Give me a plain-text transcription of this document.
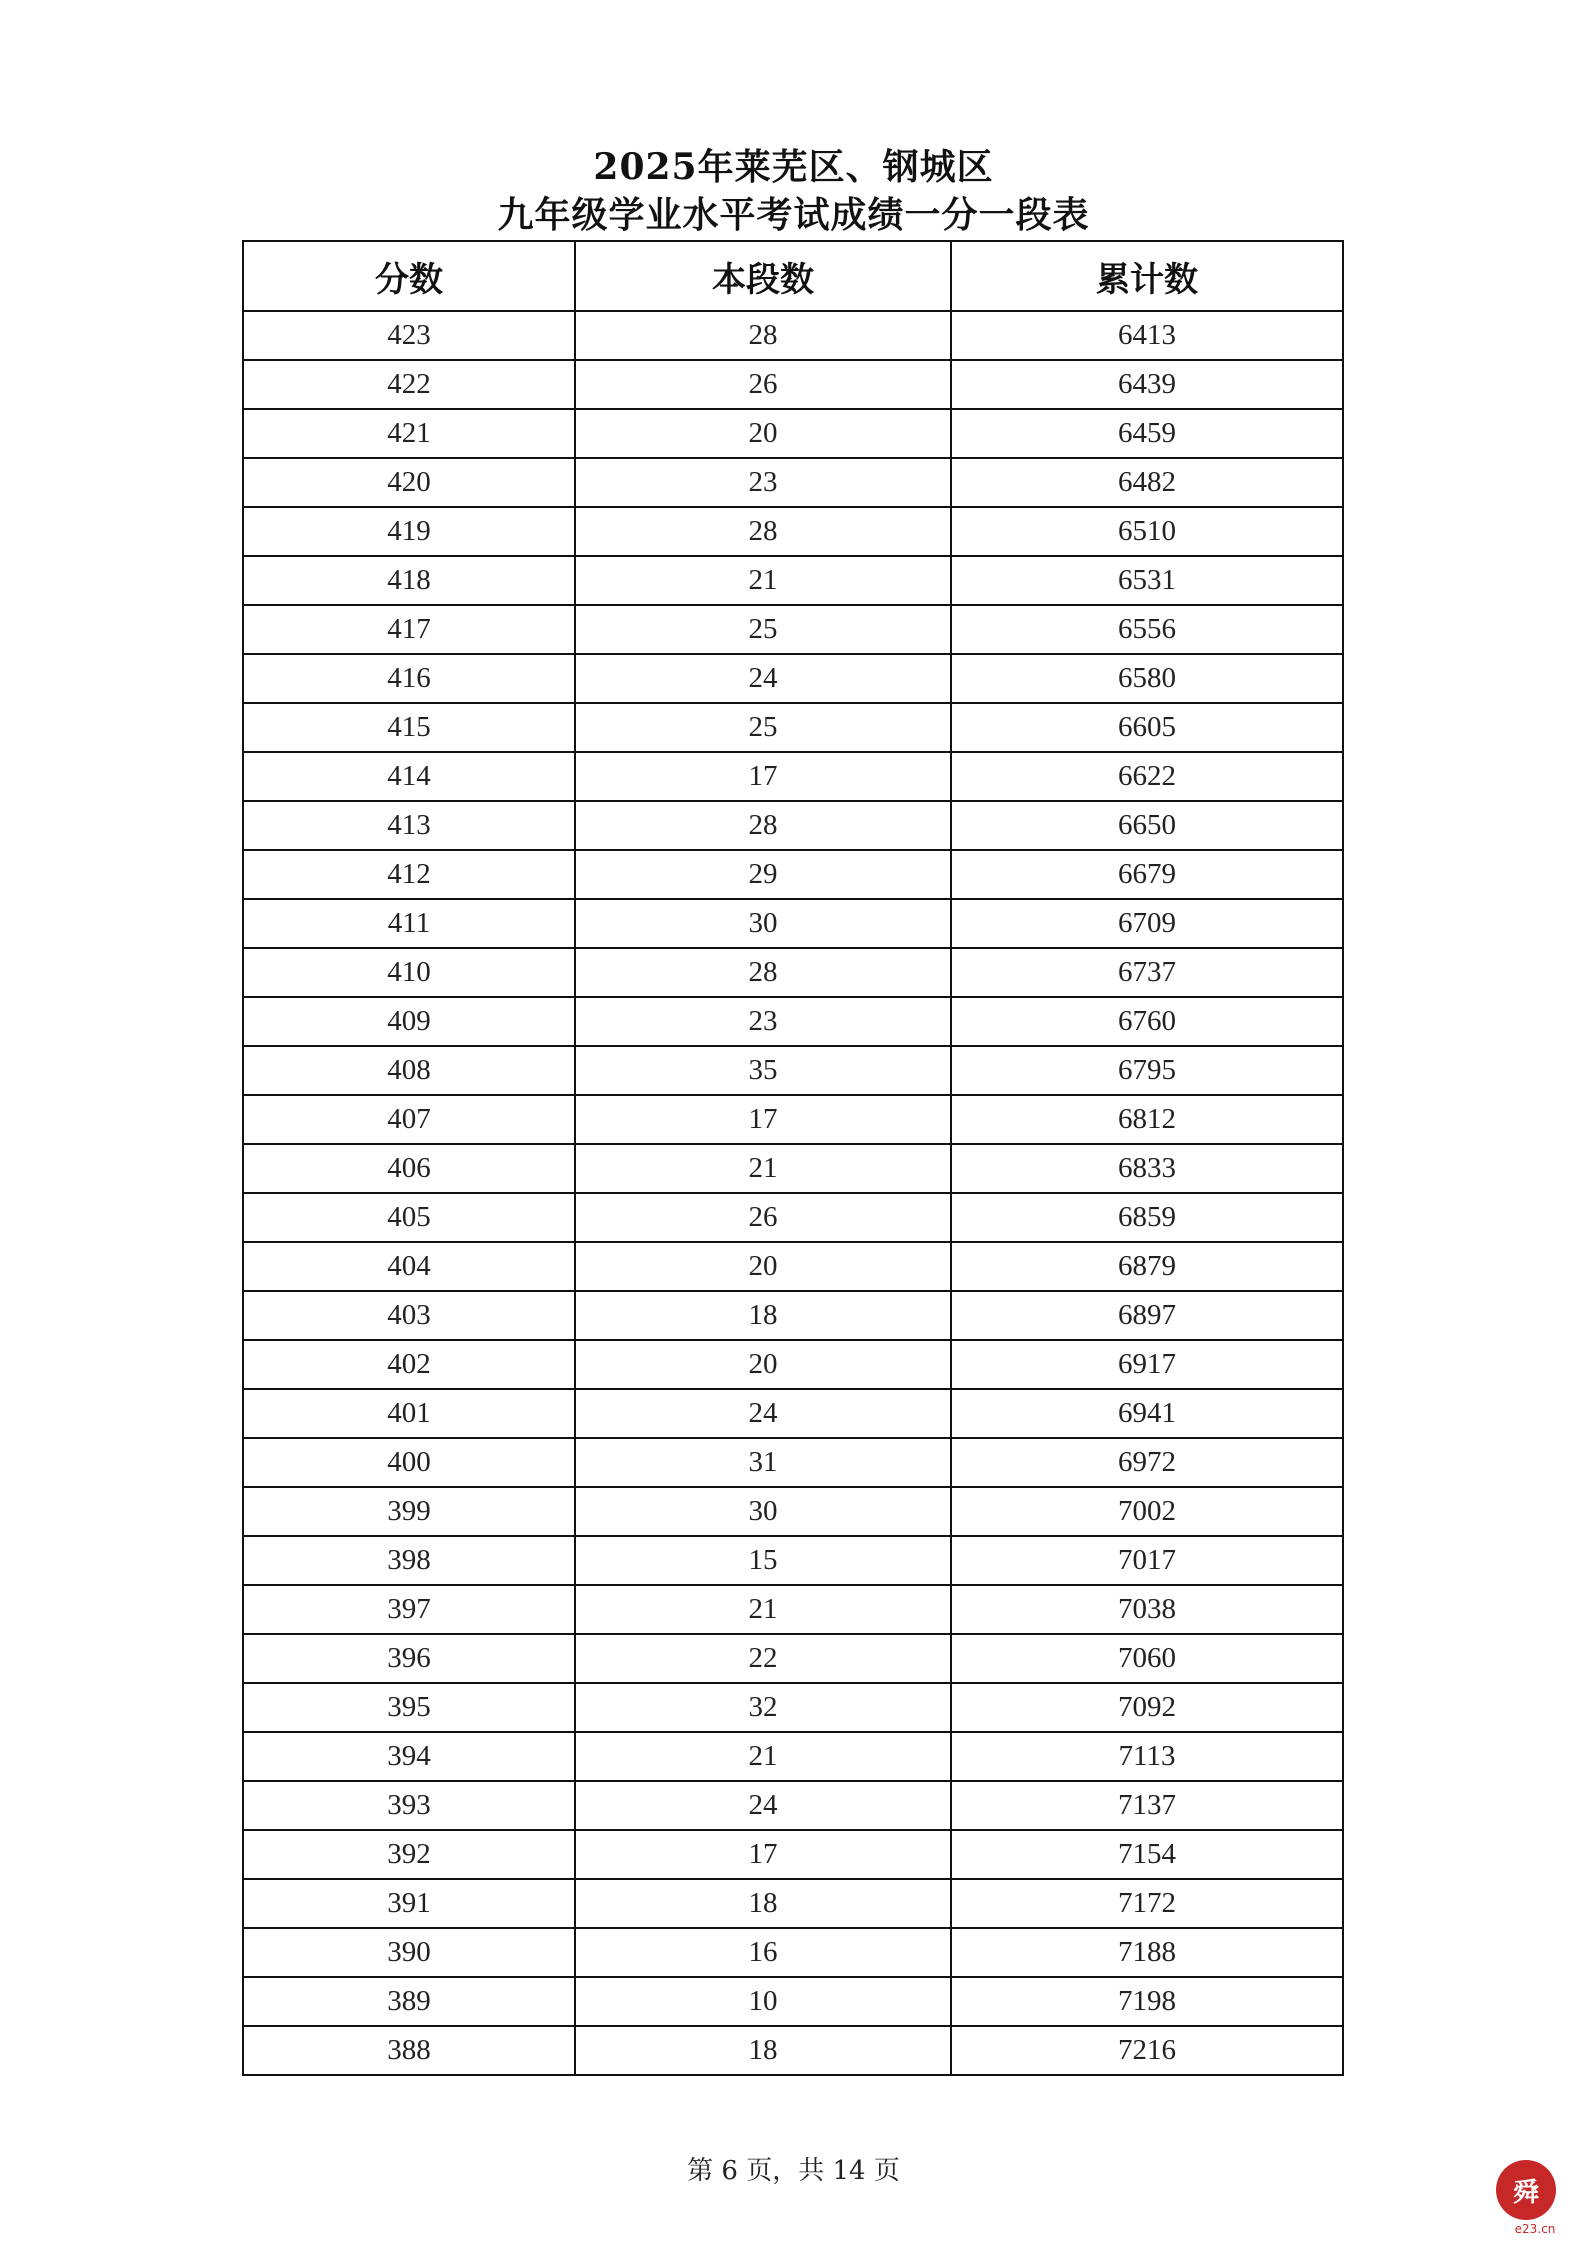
2025年莱芜区、钢城区
九年级学业水平考试成绩一分一段表
分数	本段数	累计数
423	28	6413
422	26	6439
421	20	6459
420	23	6482
419	28	6510
418	21	6531
417	25	6556
416	24	6580
415	25	6605
414	17	6622
413	28	6650
412	29	6679
411	30	6709
410	28	6737
409	23	6760
408	35	6795
407	17	6812
406	21	6833
405	26	6859
404	20	6879
403	18	6897
402	20	6917
401	24	6941
400	31	6972
399	30	7002
398	15	7017
397	21	7038
396	22	7060
395	32	7092
394	21	7113
393	24	7137
392	17	7154
391	18	7172
390	16	7188
389	10	7198
388	18	7216
第 6 页，共 14 页
舜
e23.cn
